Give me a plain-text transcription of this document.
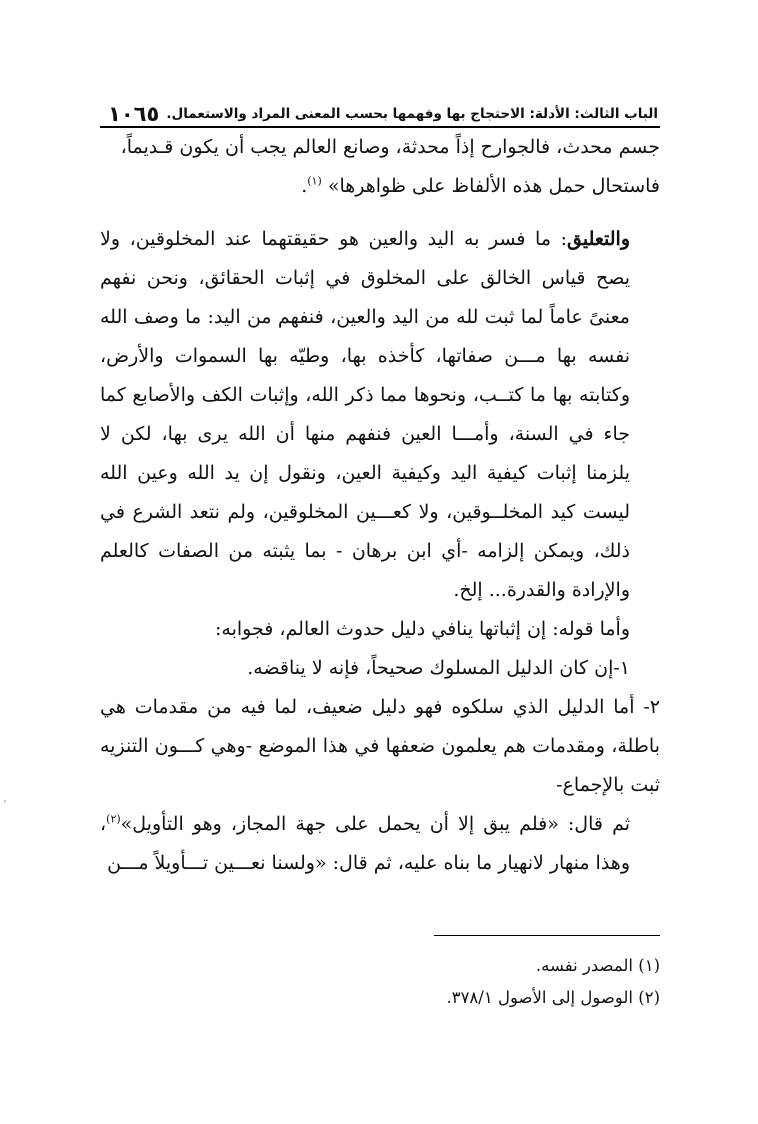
الباب الثالث: الأدلة: الاحتجاج بها وفهمها بحسب المعنى المراد والاستعمال.
١٠٦٥

جسم محدث، فالجوارح إذاً محدثة، وصانع العالم يجب أن يكون قـديماً،
فاستحال حمل هذه الألفاظ على ظواهرها» $^{(١)}$.

والتعليق: ما فسر به اليد والعين هو حقيقتهما عند المخلوقين، ولا يصح قياس الخالق على المخلوق في إثبات الحقائق، ونحن نفهم معنىً عاماً لما ثبت لله من اليد والعين، فنفهم من اليد: ما وصف الله نفسه بها مـــن صفاتها، كأخذه بها، وطيّه بها السموات والأرض، وكتابته بها ما كتــب، ونحوها مما ذكر الله، وإثبات الكف والأصابع كما جاء في السنة، وأمـــا العين فنفهم منها أن الله يرى بها، لكن لا يلزمنا إثبات كيفية اليد وكيفية العين، ونقول إن يد الله وعين الله ليست كيد المخلــوقين، ولا كعـــين المخلوقين، ولم نتعد الشرع في ذلك، ويمكن إلزامه -أي ابن برهان - بما يثبته من الصفات كالعلم والإرادة والقدرة... إلخ.

وأما قوله: إن إثباتها ينافي دليل حدوث العالم، فجوابه:

١-إن كان الدليل المسلوك صحيحاً، فإنه لا يناقضه.

٢- أما الدليل الذي سلكوه فهو دليل ضعيف، لما فيه من مقدمات هي باطلة، ومقدمات هم يعلمون ضعفها في هذا الموضع -وهي كـــون التنزيه ثبت بالإجماع-

ثم قال: «فلم يبق إلا أن يحمل على جهة المجاز، وهو التأويل»$^{(٢)}$، وهذا منهار لانهيار ما بناه عليه، ثم قال: «ولسنا نعـــين تـــأويلاً مـــن

(١) المصدر نفسه.
(٢) الوصول إلى الأصول ٣٧٨/١.
